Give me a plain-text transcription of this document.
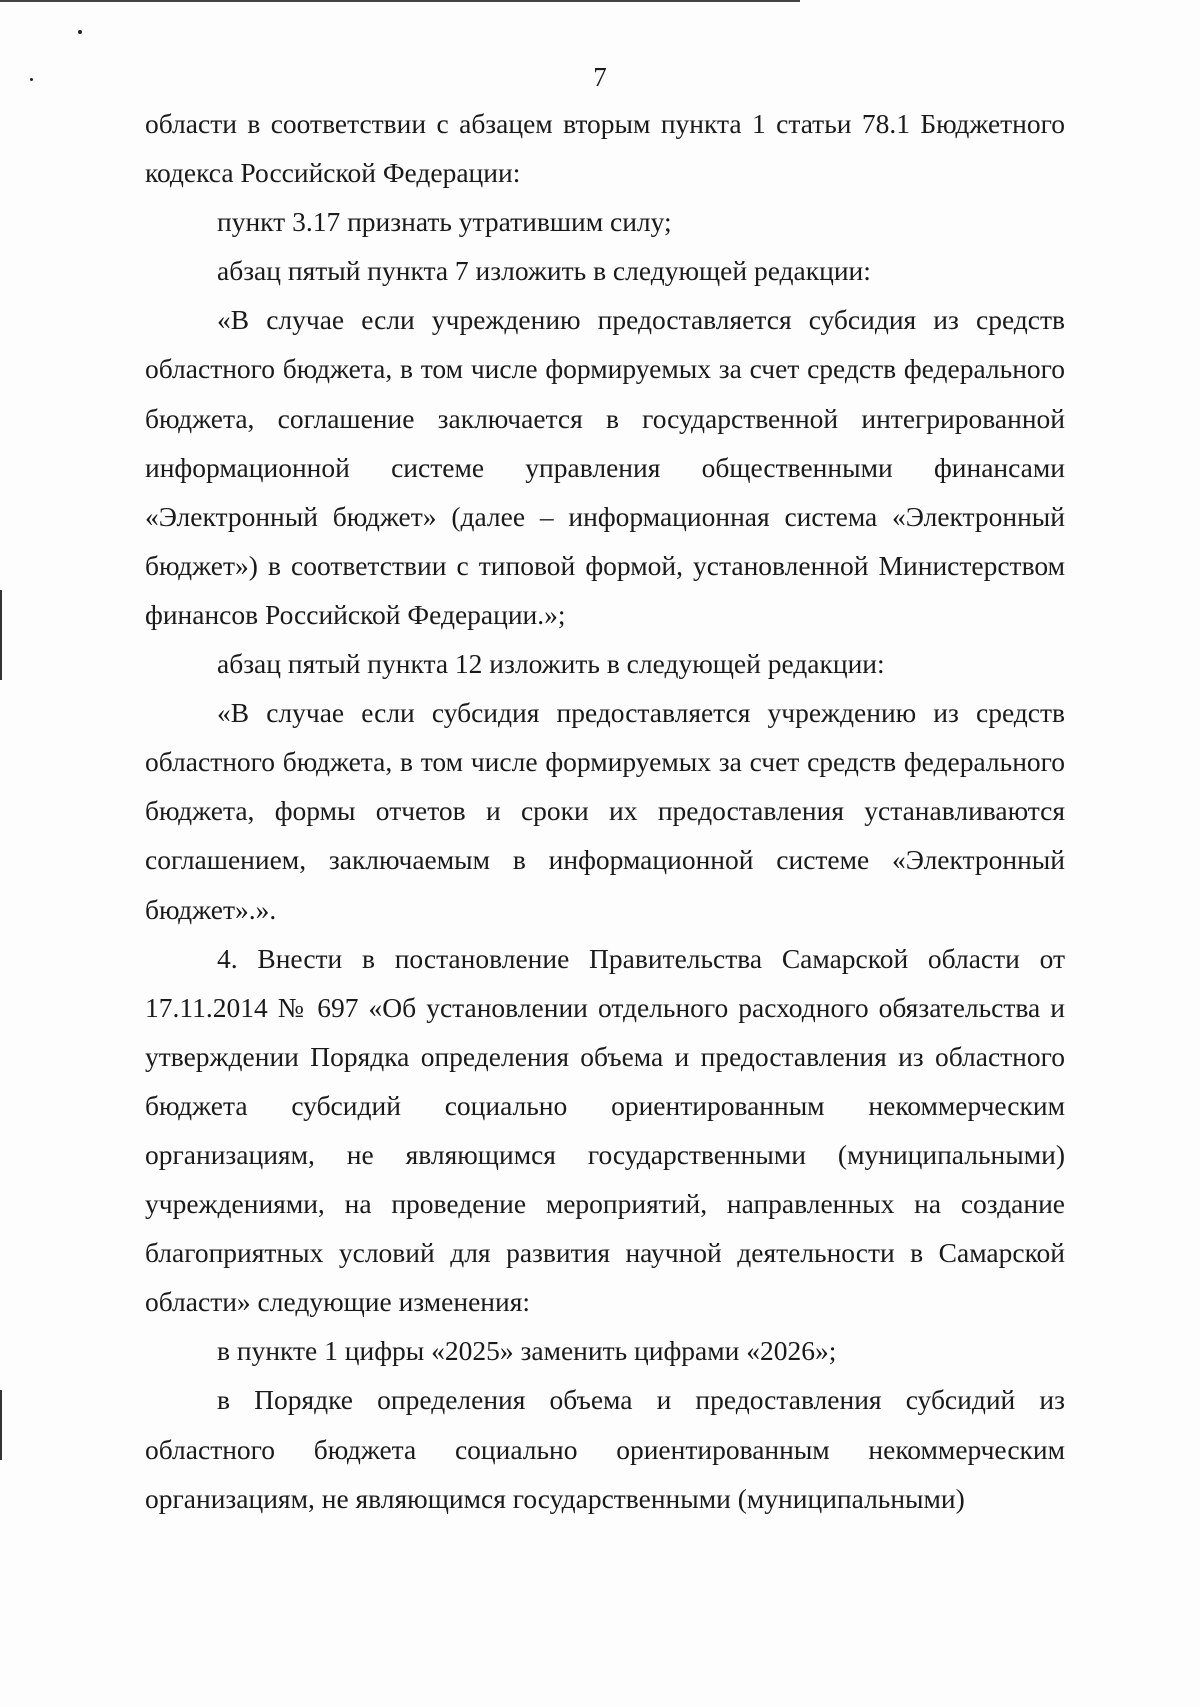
7

области в соответствии с абзацем вторым пункта 1 статьи 78.1 Бюджетного кодекса Российской Федерации:

пункт 3.17 признать утратившим силу;

абзац пятый пункта 7 изложить в следующей редакции:

«В случае если учреждению предоставляется субсидия из средств областного бюджета, в том числе формируемых за счет средств федерального бюджета, соглашение заключается в государственной интегрированной информационной системе управления общественными финансами «Электронный бюджет» (далее – информационная система «Электронный бюджет») в соответствии с типовой формой, установленной Министерством финансов Российской Федерации.»;

абзац пятый пункта 12 изложить в следующей редакции:

«В случае если субсидия предоставляется учреждению из средств областного бюджета, в том числе формируемых за счет средств федерального бюджета, формы отчетов и сроки их предоставления устанавливаются соглашением, заключаемым в информационной системе «Электронный бюджет».».

4. Внести в постановление Правительства Самарской области от 17.11.2014 № 697 «Об установлении отдельного расходного обязательства и утверждении Порядка определения объема и предоставления из областного бюджета субсидий социально ориентированным некоммерческим организациям, не являющимся государственными (муниципальными) учреждениями, на проведение мероприятий, направленных на создание благоприятных условий для развития научной деятельности в Самарской области» следующие изменения:

в пункте 1 цифры «2025» заменить цифрами «2026»;

в Порядке определения объема и предоставления субсидий из областного бюджета социально ориентированным некоммерческим организациям, не являющимся государственными (муниципальными)
